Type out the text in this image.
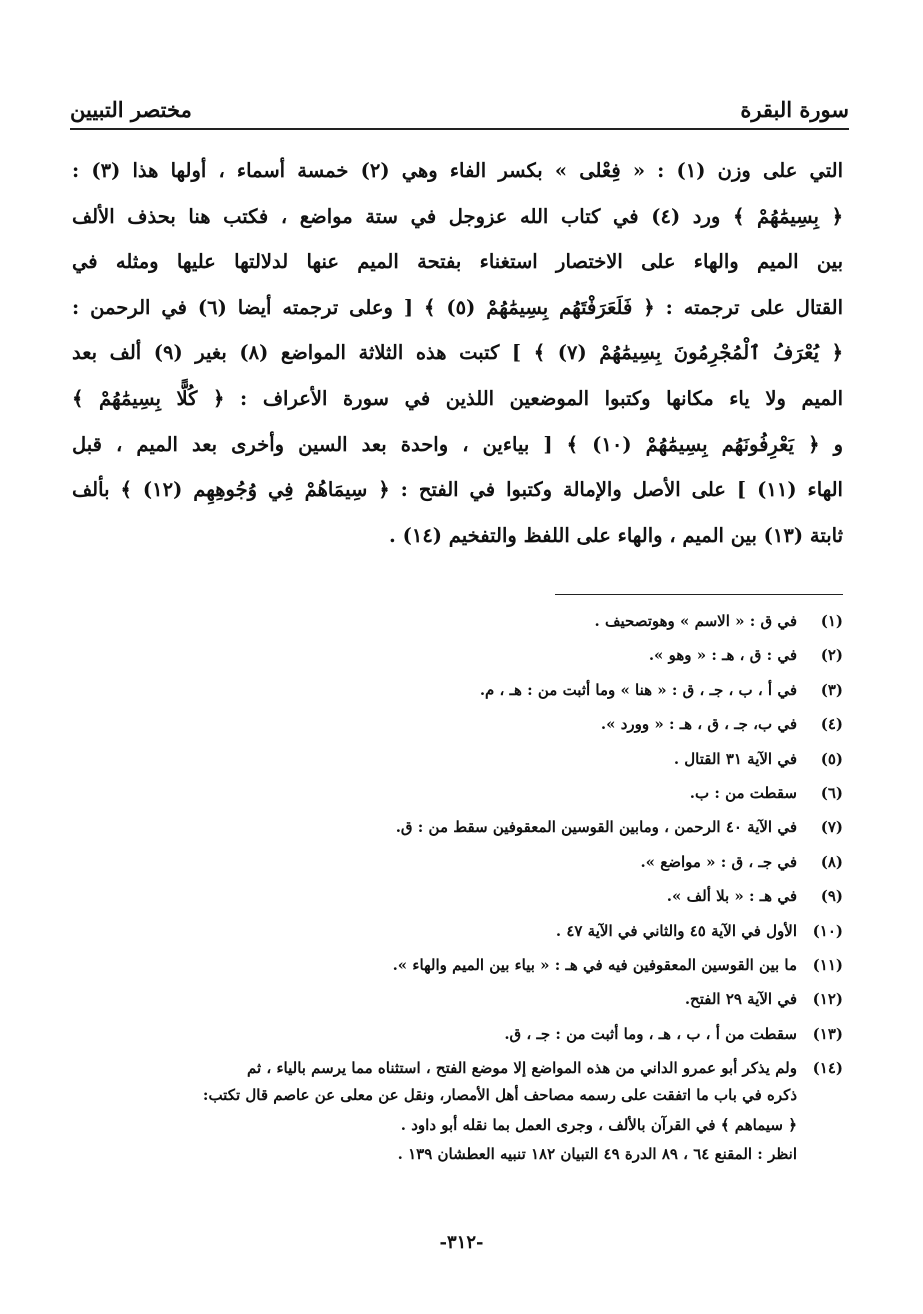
سورة البقرة
مختصر التبيين
التي على وزن (١) : « فِعْلى » بكسر الفاء وهي (٢) خمسة أسماء ، أولها هذا (٣) :
﴿ بِسِيمَٰهُمْ ﴾ ورد (٤) في كتاب الله عزوجل في ستة مواضع ، فكتب هنا بحذف الألف
بين الميم والهاء على الاختصار استغناء بفتحة الميم عنها لدلالتها عليها ومثله في
القتال على ترجمته : ﴿ فَلَعَرَفْتَهُم بِسِيمَٰهُمْ (٥) ﴾ [ وعلى ترجمته أيضا (٦) في الرحمن :
﴿ يُعْرَفُ ٱلْمُجْرِمُونَ بِسِيمَٰهُمْ (٧) ﴾ ] كتبت هذه الثلاثة المواضع (٨) بغير (٩) ألف بعد
الميم ولا ياء مكانها وكتبوا الموضعين اللذين في سورة الأعراف : ﴿ كُلًّا بِسِيمَٰهُمْ ﴾
و ﴿ يَعْرِفُونَهُم بِسِيمَٰهُمْ (١٠) ﴾ [ بياءين ، واحدة بعد السين وأخرى بعد الميم ، قبل
الهاء (١١) ] على الأصل والإمالة وكتبوا في الفتح : ﴿ سِيمَاهُمْ فِي وُجُوهِهِم (١٢) ﴾ بألف
ثابتة (١٣) بين الميم ، والهاء على اللفظ والتفخيم (١٤) .
(١)
في ق : « الاسم » وهوتصحيف .
(٢)
في : ق ، هـ : « وهو ».
(٣)
في أ ، ب ، جـ ، ق : « هنا » وما أثبت من : هـ ، م.
(٤)
في ب، جـ ، ق ، هـ : « وورد ».
(٥)
في الآية ٣١ القتال .
(٦)
سقطت من : ب.
(٧)
في الآية ٤٠ الرحمن ، ومابين القوسين المعقوفين سقط من : ق.
(٨)
في جـ ، ق : « مواضع ».
(٩)
في هـ : « بلا ألف ».
(١٠)
الأول في الآية ٤٥ والثاني في الآية ٤٧ .
(١١)
ما بين القوسين المعقوفين فيه في هـ : « بياء بين الميم والهاء ».
(١٢)
في الآية ٢٩ الفتح.
(١٣)
سقطت من أ ، ب ، هـ ، وما أثبت من : جـ ، ق.
(١٤)
ولم يذكر أبو عمرو الداني من هذه المواضع إلا موضع الفتح ، استثناه مما يرسم بالياء ، ثم
ذكره في باب ما اتفقت على رسمه مصاحف أهل الأمصار، ونقل عن معلى عن عاصم قال تكتب:
﴿ سيماهم ﴾ في القرآن بالألف ، وجرى العمل بما نقله أبو داود .
انظر : المقنع ٦٤ ، ٨٩ الدرة ٤٩ التبيان ١٨٢ تنبيه العطشان ١٣٩ .
-٣١٢-
